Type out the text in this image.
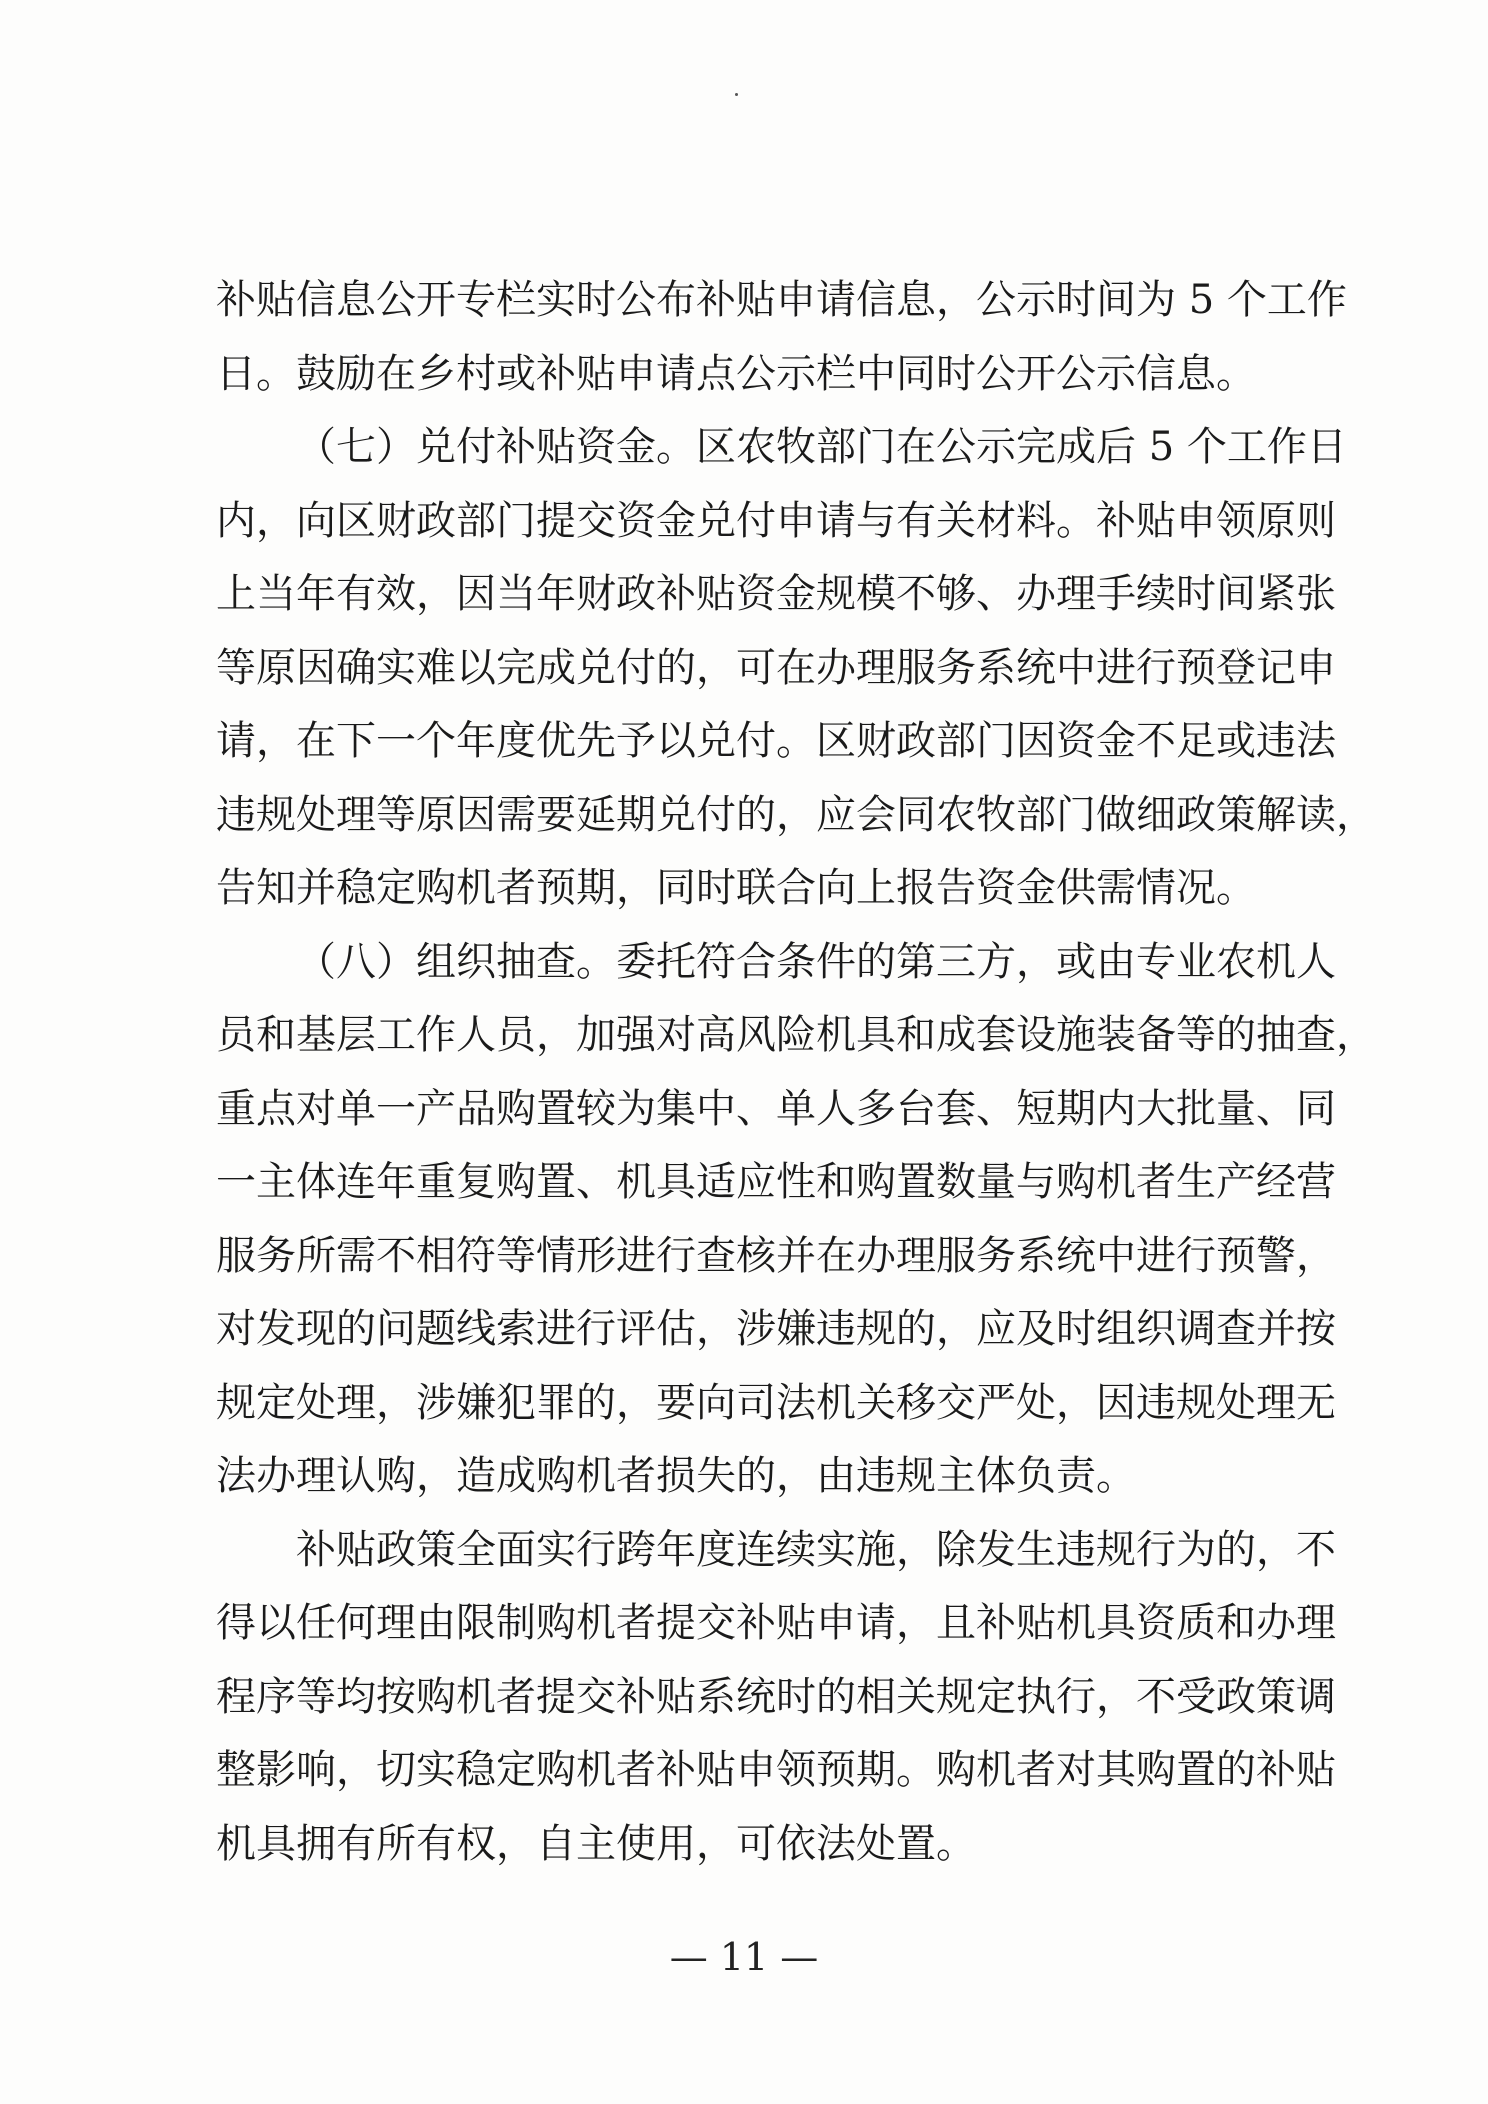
补贴信息公开专栏实时公布补贴申请信息，公示时间为 5 个工作
日。鼓励在乡村或补贴申请点公示栏中同时公开公示信息。
（七）兑付补贴资金。区农牧部门在公示完成后 5 个工作日
内，向区财政部门提交资金兑付申请与有关材料。补贴申领原则
上当年有效，因当年财政补贴资金规模不够、办理手续时间紧张
等原因确实难以完成兑付的，可在办理服务系统中进行预登记申
请，在下一个年度优先予以兑付。区财政部门因资金不足或违法
违规处理等原因需要延期兑付的，应会同农牧部门做细政策解读，
告知并稳定购机者预期，同时联合向上报告资金供需情况。
（八）组织抽查。委托符合条件的第三方，或由专业农机人
员和基层工作人员，加强对高风险机具和成套设施装备等的抽查，
重点对单一产品购置较为集中、单人多台套、短期内大批量、同
一主体连年重复购置、机具适应性和购置数量与购机者生产经营
服务所需不相符等情形进行查核并在办理服务系统中进行预警，
对发现的问题线索进行评估，涉嫌违规的，应及时组织调查并按
规定处理，涉嫌犯罪的，要向司法机关移交严处，因违规处理无
法办理认购，造成购机者损失的，由违规主体负责。
补贴政策全面实行跨年度连续实施，除发生违规行为的，不
得以任何理由限制购机者提交补贴申请，且补贴机具资质和办理
程序等均按购机者提交补贴系统时的相关规定执行，不受政策调
整影响，切实稳定购机者补贴申领预期。购机者对其购置的补贴
机具拥有所有权，自主使用，可依法处置。
— 11 —
